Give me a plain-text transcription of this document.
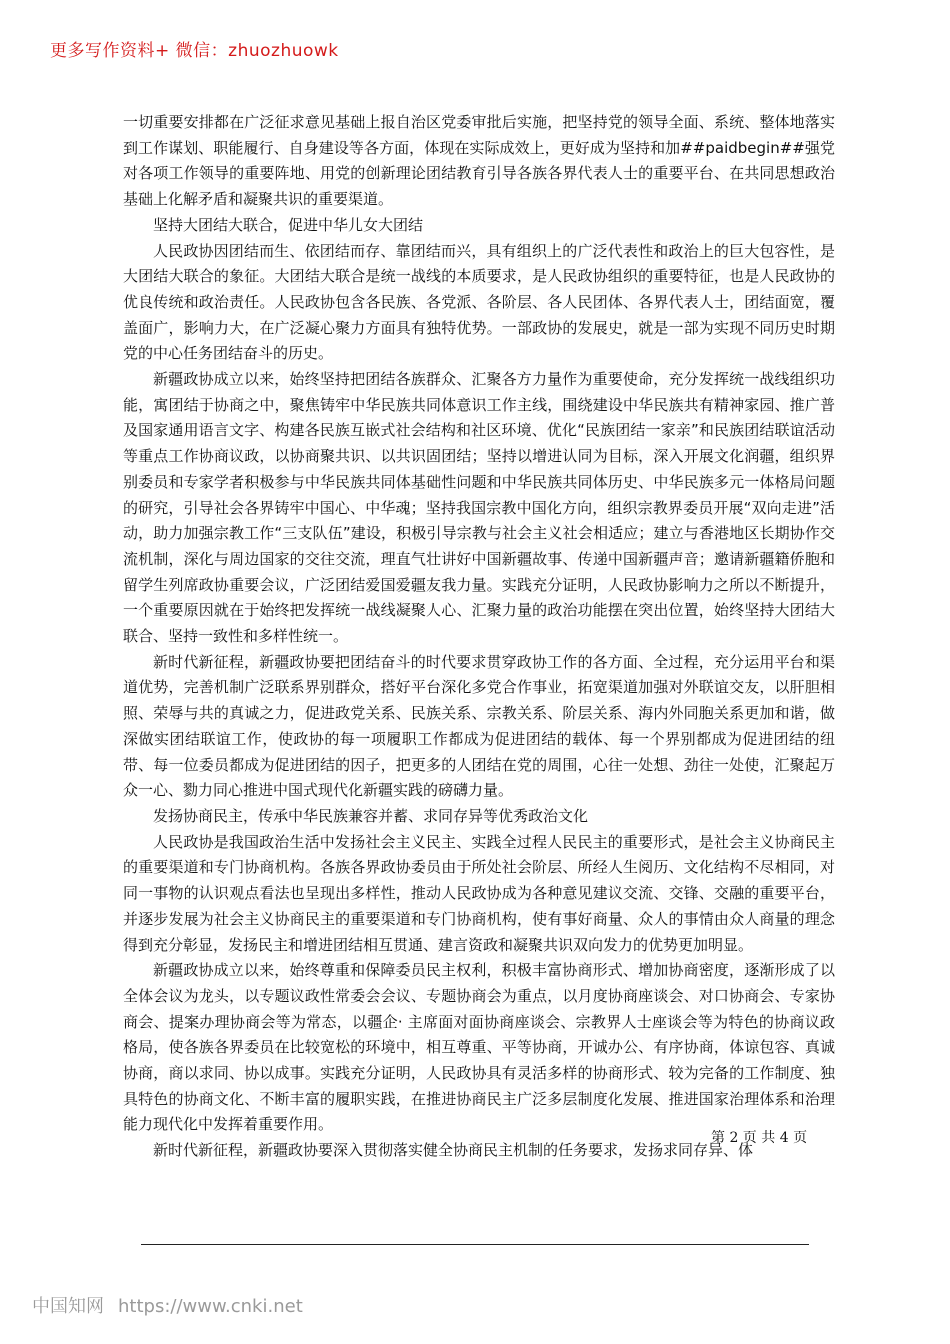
更多写作资料+ 微信：zhuozhuowk

一切重要安排都在广泛征求意见基础上报自治区党委审批后实施，把坚持党的领导全面、系统、整体地落实到工作谋划、职能履行、自身建设等各方面，体现在实际成效上，更好成为坚持和加##paidbegin##强党对各项工作领导的重要阵地、用党的创新理论团结教育引导各族各界代表人士的重要平台、在共同思想政治基础上化解矛盾和凝聚共识的重要渠道。

坚持大团结大联合，促进中华儿女大团结

人民政协因团结而生、依团结而存、靠团结而兴，具有组织上的广泛代表性和政治上的巨大包容性，是大团结大联合的象征。大团结大联合是统一战线的本质要求，是人民政协组织的重要特征，也是人民政协的优良传统和政治责任。人民政协包含各民族、各党派、各阶层、各人民团体、各界代表人士，团结面宽，覆盖面广，影响力大，在广泛凝心聚力方面具有独特优势。一部政协的发展史，就是一部为实现不同历史时期党的中心任务团结奋斗的历史。

新疆政协成立以来，始终坚持把团结各族群众、汇聚各方力量作为重要使命，充分发挥统一战线组织功能，寓团结于协商之中，聚焦铸牢中华民族共同体意识工作主线，围绕建设中华民族共有精神家园、推广普及国家通用语言文字、构建各民族互嵌式社会结构和社区环境、优化“民族团结一家亲”和民族团结联谊活动等重点工作协商议政，以协商聚共识、以共识固团结；坚持以增进认同为目标，深入开展文化润疆，组织界别委员和专家学者积极参与中华民族共同体基础性问题和中华民族共同体历史、中华民族多元一体格局问题的研究，引导社会各界铸牢中国心、中华魂；坚持我国宗教中国化方向，组织宗教界委员开展“双向走进”活动，助力加强宗教工作“三支队伍”建设，积极引导宗教与社会主义社会相适应；建立与香港地区长期协作交流机制，深化与周边国家的交往交流，理直气壮讲好中国新疆故事、传递中国新疆声音；邀请新疆籍侨胞和留学生列席政协重要会议，广泛团结爱国爱疆友我力量。实践充分证明，人民政协影响力之所以不断提升，一个重要原因就在于始终把发挥统一战线凝聚人心、汇聚力量的政治功能摆在突出位置，始终坚持大团结大联合、坚持一致性和多样性统一。

新时代新征程，新疆政协要把团结奋斗的时代要求贯穿政协工作的各方面、全过程，充分运用平台和渠道优势，完善机制广泛联系界别群众，搭好平台深化多党合作事业，拓宽渠道加强对外联谊交友，以肝胆相照、荣辱与共的真诚之力，促进政党关系、民族关系、宗教关系、阶层关系、海内外同胞关系更加和谐，做深做实团结联谊工作，使政协的每一项履职工作都成为促进团结的载体、每一个界别都成为促进团结的纽带、每一位委员都成为促进团结的因子，把更多的人团结在党的周围，心往一处想、劲往一处使，汇聚起万众一心、勠力同心推进中国式现代化新疆实践的磅礴力量。

发扬协商民主，传承中华民族兼容并蓄、求同存异等优秀政治文化

人民政协是我国政治生活中发扬社会主义民主、实践全过程人民民主的重要形式，是社会主义协商民主的重要渠道和专门协商机构。各族各界政协委员由于所处社会阶层、所经人生阅历、文化结构不尽相同，对同一事物的认识观点看法也呈现出多样性，推动人民政协成为各种意见建议交流、交锋、交融的重要平台，并逐步发展为社会主义协商民主的重要渠道和专门协商机构，使有事好商量、众人的事情由众人商量的理念得到充分彰显，发扬民主和增进团结相互贯通、建言资政和凝聚共识双向发力的优势更加明显。

新疆政协成立以来，始终尊重和保障委员民主权利，积极丰富协商形式、增加协商密度，逐渐形成了以全体会议为龙头，以专题议政性常委会会议、专题协商会为重点，以月度协商座谈会、对口协商会、专家协商会、提案办理协商会等为常态，以疆企· 主席面对面协商座谈会、宗教界人士座谈会等为特色的协商议政格局，使各族各界委员在比较宽松的环境中，相互尊重、平等协商，开诚办公、有序协商，体谅包容、真诚协商，商以求同、协以成事。实践充分证明，人民政协具有灵活多样的协商形式、较为完备的工作制度、独具特色的协商文化、不断丰富的履职实践，在推进协商民主广泛多层制度化发展、推进国家治理体系和治理能力现代化中发挥着重要作用。

新时代新征程，新疆政协要深入贯彻落实健全协商民主机制的任务要求，发扬求同存异、体

第 2 页 共 4 页
中国知网 https://www.cnki.net
